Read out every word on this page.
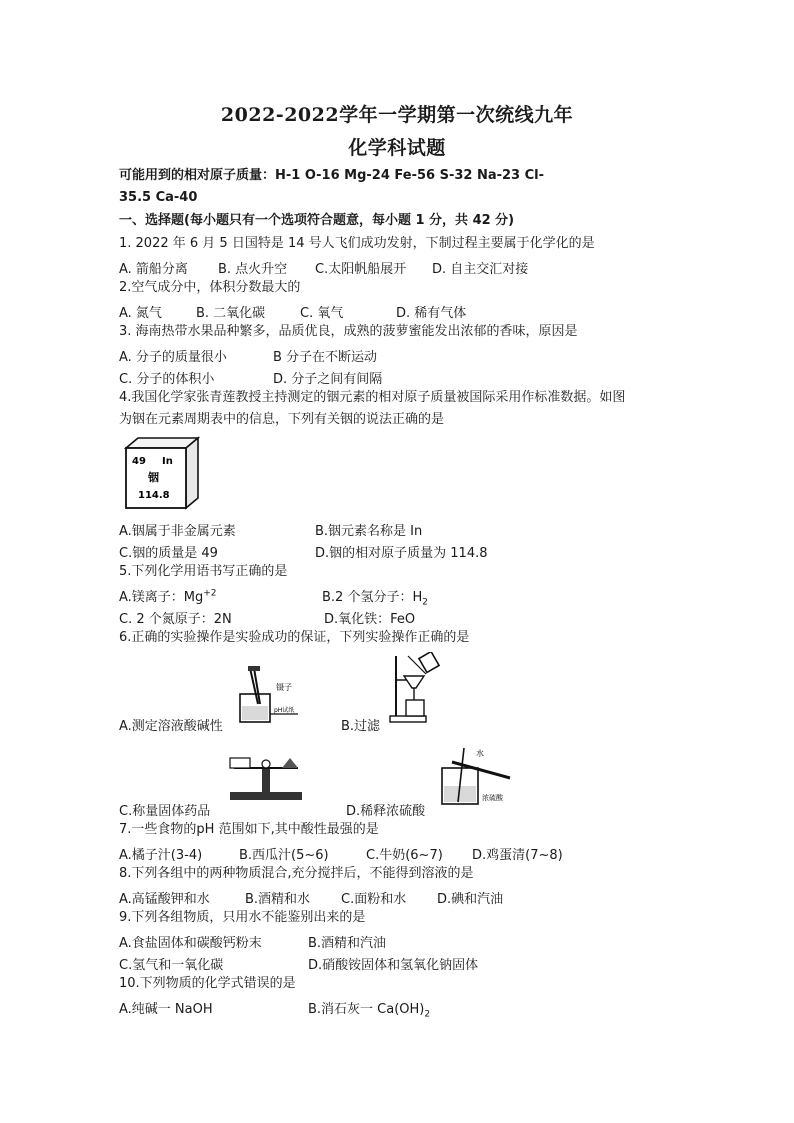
2022-2022学年一学期第一次统线九年
化学科试题
可能用到的相对原子质量：H-1 O-16 Mg-24 Fe-56 S-32 Na-23 Cl-
35.5 Ca-40
一、选择题(每小题只有一个选项符合题意，每小题 1 分，共 42 分)
1. 2022 年 6 月 5 日国特是 14 号人飞们成功发射，下制过程主要属于化学化的是
A. 箭船分离 B. 点火升空 C.太阳帆船展开 D. 自主交汇对接
2.空气成分中，体积分数最大的
A. 氮气	B. 二氧化碳	C. 氧气	D. 稀有气体
3. 海南热带水果品种繁多，品质优良，成熟的菠萝蜜能发出浓郁的香味，原因是
A. 分子的质量很小	B 分子在不断运动
C. 分子的体积小	D. 分子之间有间隔
4.我国化学家张青莲教授主持测定的铟元素的相对原子质量被国际采用作标准数据。如图
为铟在元素周期表中的信息，下列有关铟的说法正确的是
49 In
铟
114.8
A.铟属于非金属元素	B.铟元素名称是 In
C.铟的质量是 49	D.铟的相对原子质量为 114.8
5.下列化学用语书写正确的是
A.镁离子：$Mg^{+2}$	B.2 个氢分子：$H_2$
C. 2 个氮原子：2N	D.氧化铁：FeO
6.正确的实验操作是实验成功的保证，下列实验操作正确的是
镊子
pH试纸
A.测定溶液酸碱性	B.过滤
C.称量固体药品
水
浓硫酸
D.稀释浓硫酸
7.一些食物的pH 范围如下,其中酸性最强的是
A.橘子汁(3-4)	B.西瓜汁(5~6)	C.牛奶(6~7) D.鸡蛋清(7~8)
8.下列各组中的两种物质混合,充分搅拌后，不能得到溶液的是
A.高锰酸钾和水	B.酒精和水 C.面粉和水 D.碘和汽油
9.下列各组物质，只用水不能鉴别出来的是
A.食盐固体和碳酸钙粉末	B.酒精和汽油
C.氢气和一氧化碳	D.硝酸铵固体和氢氧化钠固体
10.下列物质的化学式错误的是
A.纯碱一 NaOH	B.消石灰一 $Ca(OH)_2$
